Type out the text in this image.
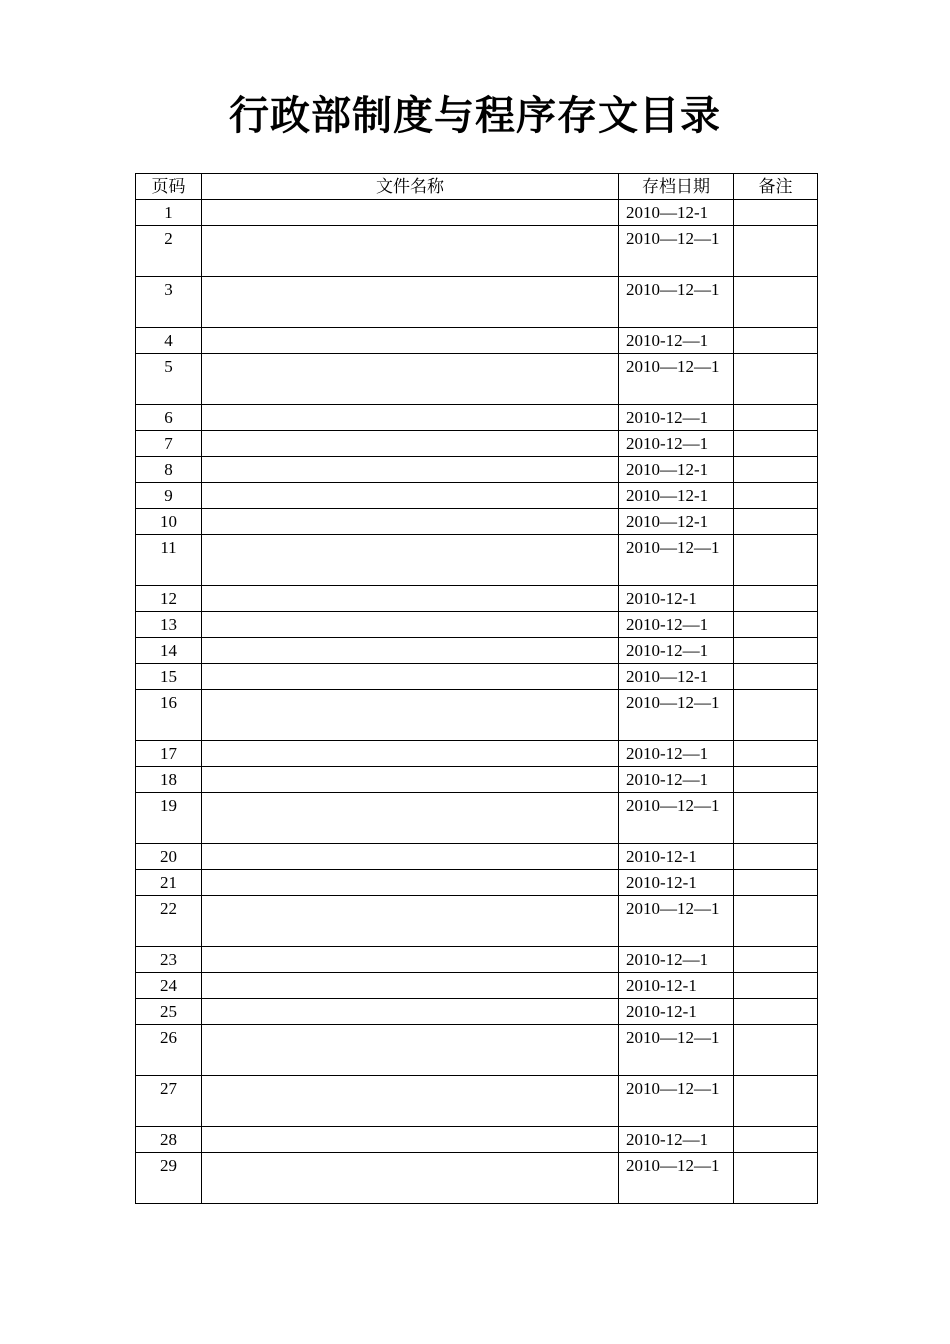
行政部制度与程序存文目录
页码	文件名称	存档日期	备注
1		2010—12-1	
2		2010—12—1	
3		2010—12—1	
4		2010-12—1	
5		2010—12—1	
6		2010-12—1	
7		2010-12—1	
8		2010—12-1	
9		2010—12-1	
10		2010—12-1	
11		2010—12—1	
12		2010-12-1	
13		2010-12—1	
14		2010-12—1	
15		2010—12-1	
16		2010—12—1	
17		2010-12—1	
18		2010-12—1	
19		2010—12—1	
20		2010-12-1	
21		2010-12-1	
22		2010—12—1	
23		2010-12—1	
24		2010-12-1	
25		2010-12-1	
26		2010—12—1	
27		2010—12—1	
28		2010-12—1	
29		2010—12—1	
